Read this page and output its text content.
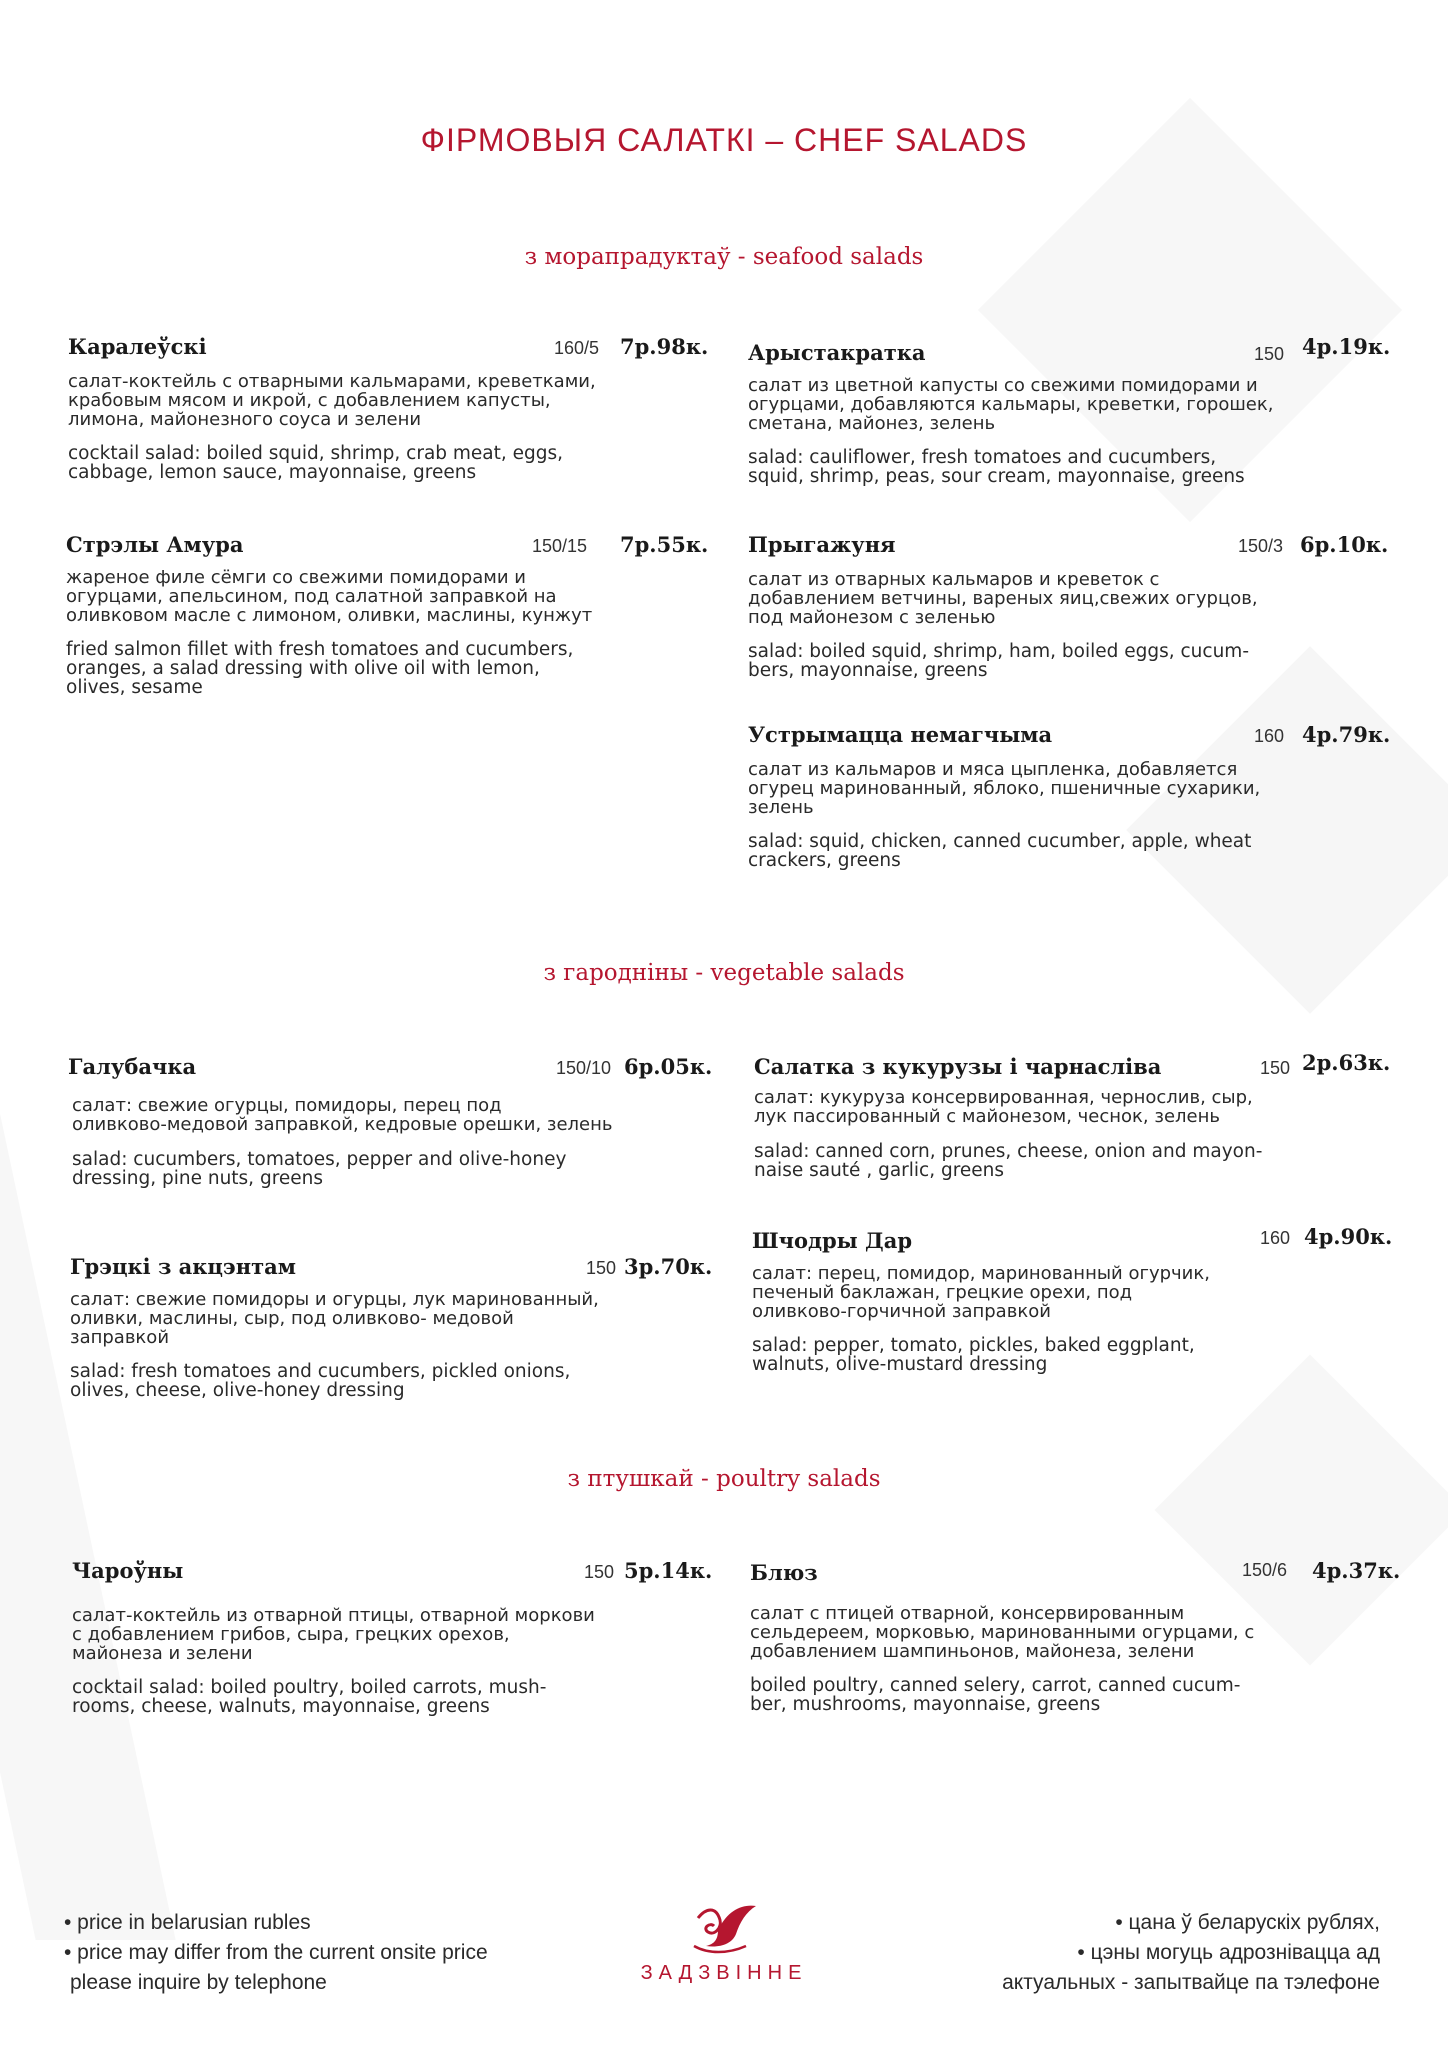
ФІРМОВЫЯ САЛАТКІ – CHEF SALADS
з морапрадуктаў - seafood salads
Каралеўскі	160/5 7р.98к.
салат-коктейль с отварными кальмарами, креветками,
крабовым мясом и икрой, с добавлением капусты,
лимона, майонезного соуса и зелени
cocktail salad: boiled squid, shrimp, crab meat, eggs,
cabbage, lemon sauce, mayonnaise, greens
Арыстакратка	150 4р.19к.
салат из цветной капусты со свежими помидорами и
огурцами, добавляются кальмары, креветки, горошек,
сметана, майонез, зелень
salad: cauliflower, fresh tomatoes and cucumbers,
squid, shrimp, peas, sour cream, mayonnaise, greens
Стрэлы Амура	150/15 7р.55к.
жареное филе сёмги со свежими помидорами и
огурцами, апельсином, под салатной заправкой на
оливковом масле с лимоном, оливки, маслины, кунжут
fried salmon fillet with fresh tomatoes and cucumbers,
oranges, a salad dressing with olive oil with lemon,
olives, sesame
Прыгажуня	150/3 6р.10к.
салат из отварных кальмаров и креветок с
добавлением ветчины, вареных яиц,свежих огурцов,
под майонезом с зеленью
salad: boiled squid, shrimp, ham, boiled eggs, cucum-
bers, mayonnaise, greens
Устрымацца немагчыма	160 4р.79к.
салат из кальмаров и мяса цыпленка, добавляется
огурец маринованный, яблоко, пшеничные сухарики,
зелень
salad: squid, chicken, canned cucumber, apple, wheat
crackers, greens
з гароднiны - vegetable salads
Галубачка	150/10 6р.05к.
салат: свежие огурцы, помидоры, перец под
оливково-медовой заправкой, кедровые орешки, зелень
salad: cucumbers, tomatoes, pepper and olive-honey
dressing, pine nuts, greens
Салатка з кукурузы і чарнасліва	150 2р.63к.
салат: кукуруза консервированная, чернослив, сыр,
лук пассированный с майонезом, чеснок, зелень
salad: canned corn, prunes, cheese, onion and mayon-
naise sauté , garlic, greens
Грэцкі з акцэнтам	150 3р.70к.
салат: свежие помидоры и огурцы, лук маринованный,
оливки, маслины, сыр, под оливково- медовой
заправкой
salad: fresh tomatoes and cucumbers, pickled onions,
olives, cheese, olive-honey dressing
Шчодры Дар	160 4р.90к.
салат: перец, помидор, маринованный огурчик,
печеный баклажан, грецкие орехи, под
оливково-горчичной заправкой
salad: pepper, tomato, pickles, baked eggplant,
walnuts, olive-mustard dressing
з птушкай - poultry salads
Чароўны	150 5р.14к.
салат-коктейль из отварной птицы, отварной моркови
с добавлением грибов, сыра, грецких орехов,
майонеза и зелени
cocktail salad: boiled poultry, boiled carrots, mush-
rooms, cheese, walnuts, mayonnaise, greens
Блюз	150/6 4р.37к.
салат с птицей отварной, консервированным
сельдереем, морковью, маринованными огурцами, с
добавлением шампиньонов, майонеза, зелени
boiled poultry, canned selery, carrot, canned cucum-
ber, mushrooms, mayonnaise, greens
• price in belarusian rubles
• price may differ from the current onsite price
please inquire by telephone	ЗАДЗВІННЕ
• цана ў беларускіх рублях,
• цэны могуць адрозніваццa ад
актуальных - запытвайце па тэлефоне
